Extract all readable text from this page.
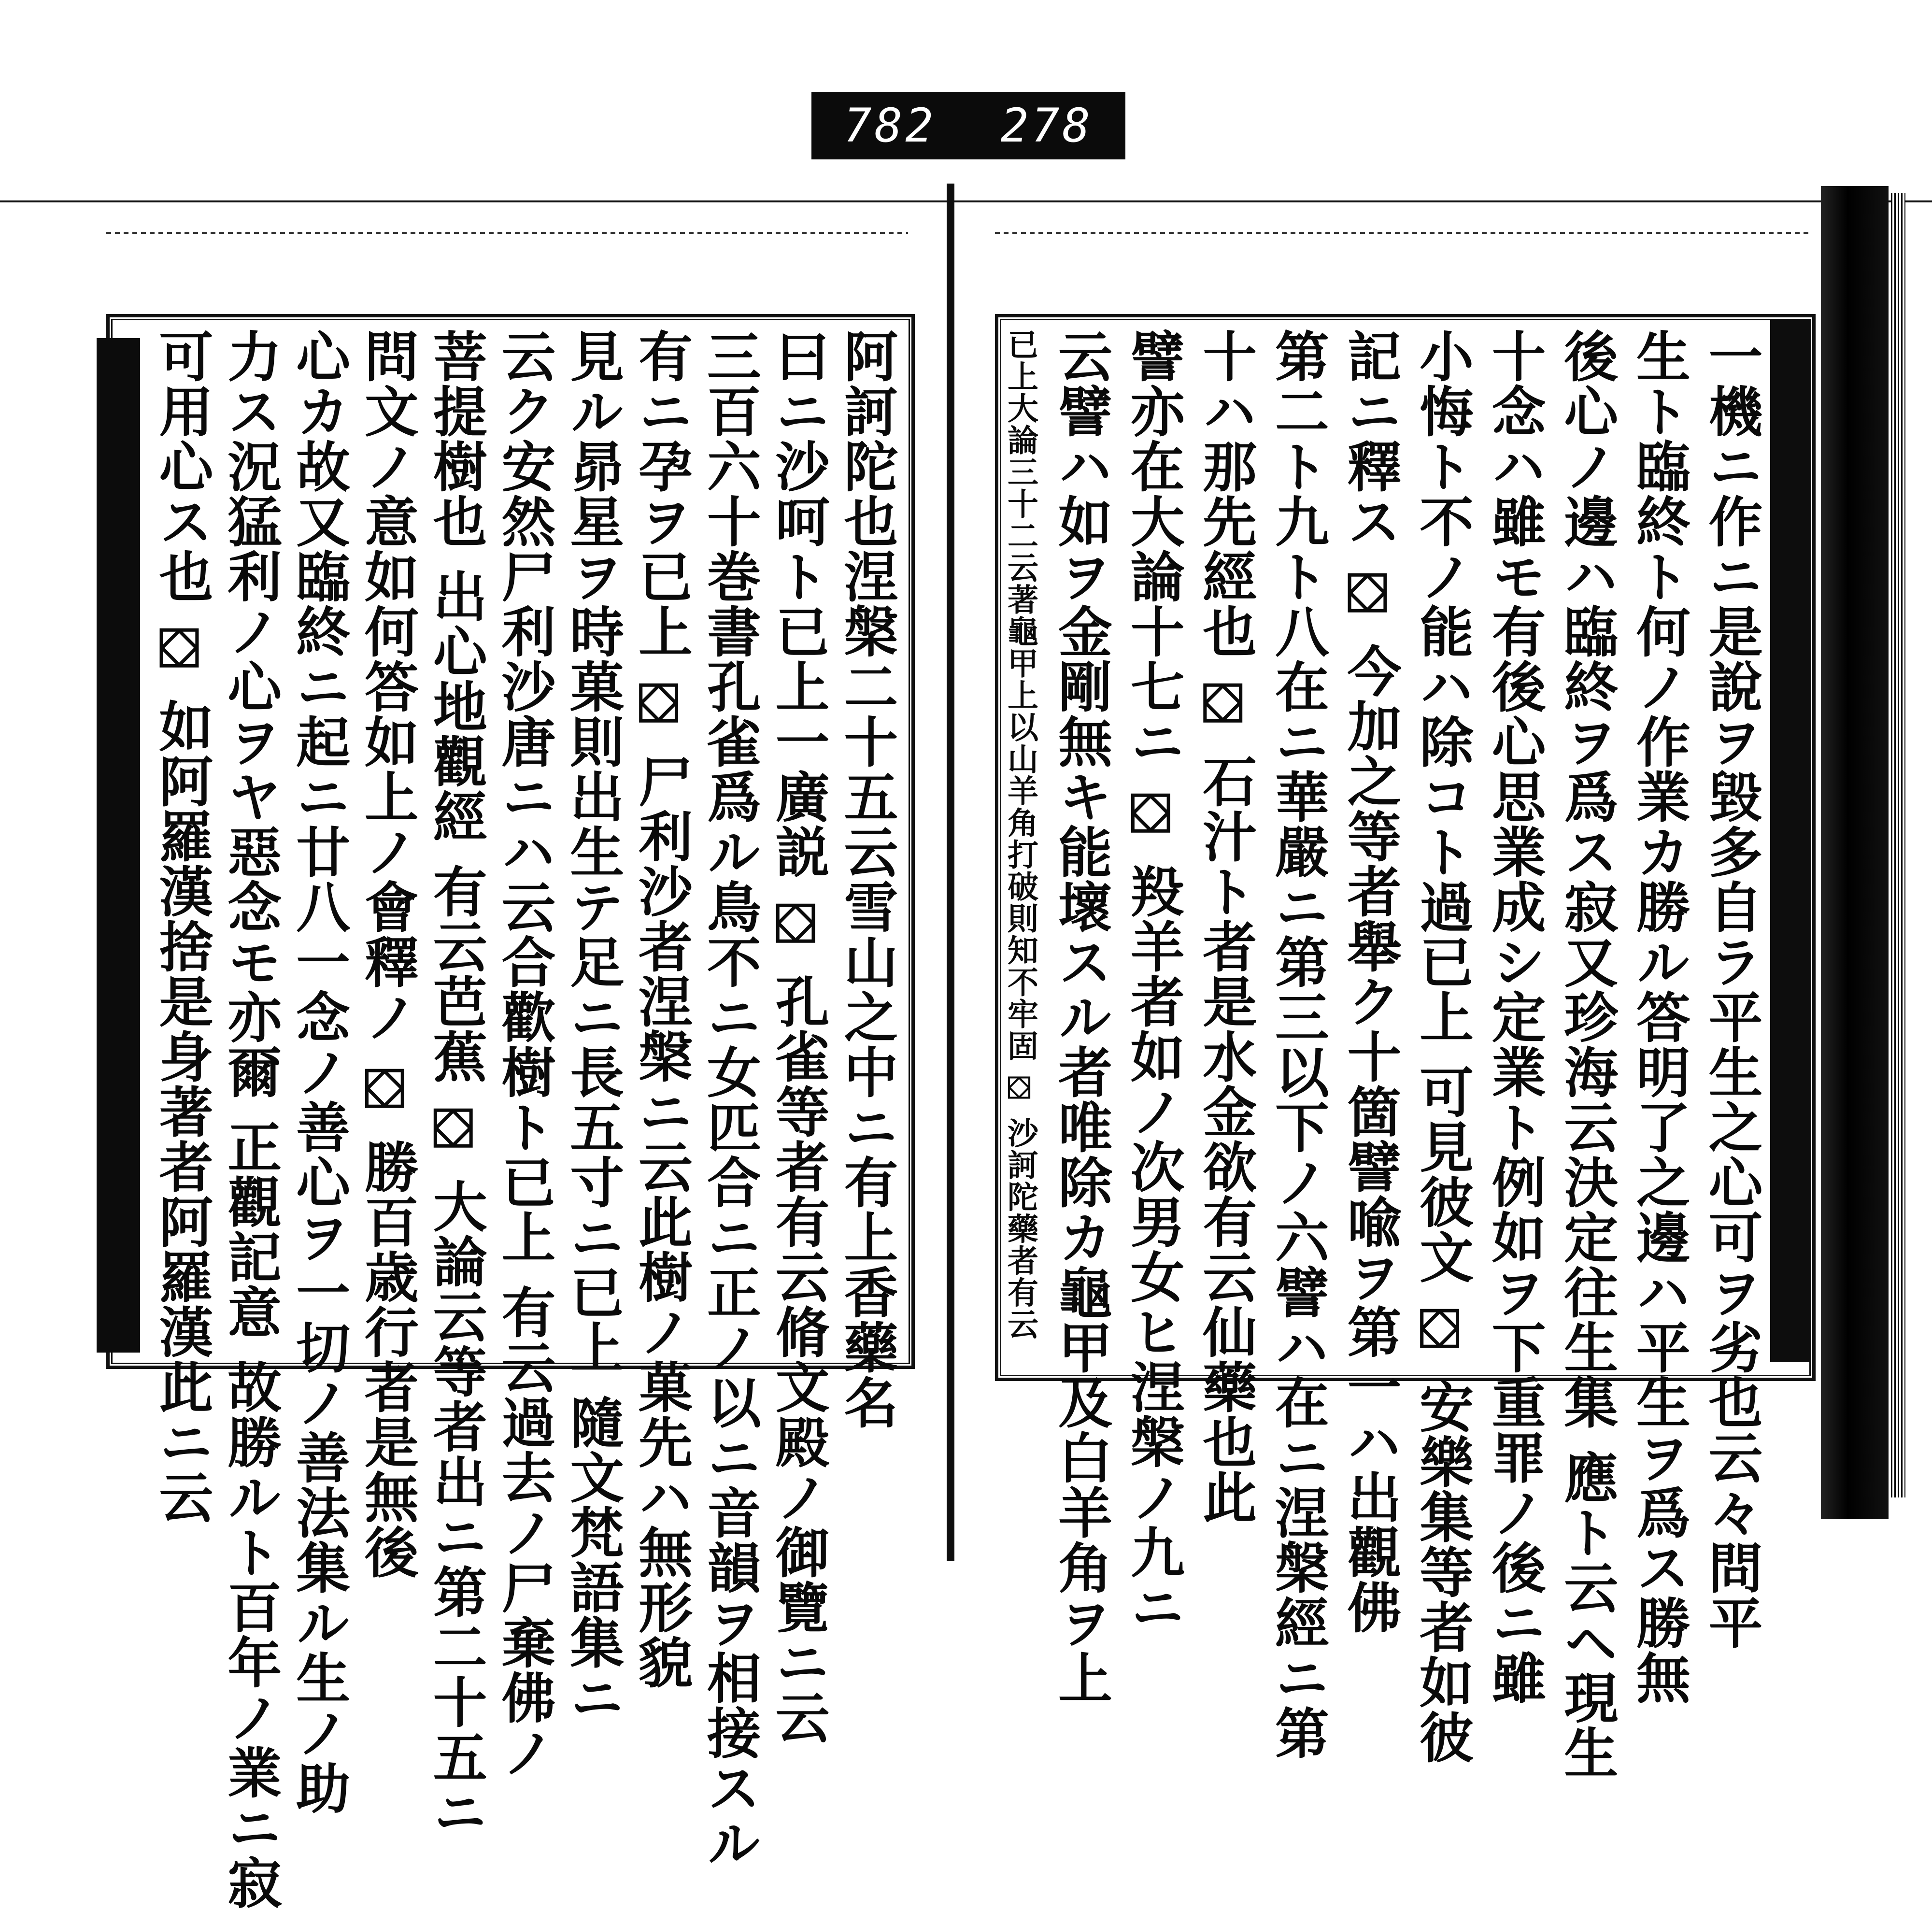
782 278
阿訶陀也涅槃二十五云雪山之中ニ有上香藥名
曰ニ沙呵ト已上一廣説 ⛋ 孔雀等者有云脩文殿ノ御覽ニ云
三百六十巻書孔雀爲ル鳥不ニ女匹合ニ正ノ以ニ音韻ヲ相接スル
有ニ孕ヲ已上 ⛋ 尸利沙者涅槃ニ云此樹ノ菓先ハ無形貌
見ル昴星ヲ時菓則出生テ足ニ長五寸ニ已上 隨文梵語集ニ
云ク安然尸利沙唐ニハ云合歡樹ト已上 有云過去ノ尸棄佛ノ
菩提樹也 出心地觀經 有云芭蕉 ⛋ 大論云等者出ニ第二十五ニ
問文ノ意如何答如上ノ會釋ノ ⛋ 勝百歳行者是無後
心カ故又臨終ニ起ニ廿八一念ノ善心ヲ一切ノ善法集ル生ノ助
力ス況猛利ノ心ヲヤ惡念モ亦爾 正觀記意 故勝ルト百年ノ業ニ寂
可用心ス也 ⛋ 如阿羅漢捨是身著者阿羅漢此ニ云	一機ニ作ニ是說ヲ毀多自ラ平生之心可ヲ劣也云々問平
生ト臨終ト何ノ作業カ勝ル答明了之邊ハ平生ヲ爲ス勝無
後心ノ邊ハ臨終ヲ爲ス寂又珍海云決定往生集 應ト云ヘ現生
十念ハ雖モ有後心思業成シ定業ト例如ヲ下重罪ノ後ニ雖
小悔ト不ノ能ハ除コト過已上 可見彼文 ⛋ 安樂集等者如彼
記ニ釋ス ⛋ 今加之等者舉ク十箇譬喩ヲ第一ハ出觀佛
第二ト九ト八在ニ華嚴ニ第三以下ノ六譬ハ在ニ涅槃經ニ第
十ハ那先經也 ⛋ 石汁ト者是水金欲有云仙藥也此
譬亦在大論十七ニ ⛋ 羖羊者如ノ次男女ヒ涅槃ノ九ニ
云譬ハ如ヲ金剛無キ能壞スル者唯除カ龜甲及白羊角ヲ上
已上大論三十二云著龜甲上以山羊角打破則知不牢固 ⛋ 沙訶陀藥者有云
